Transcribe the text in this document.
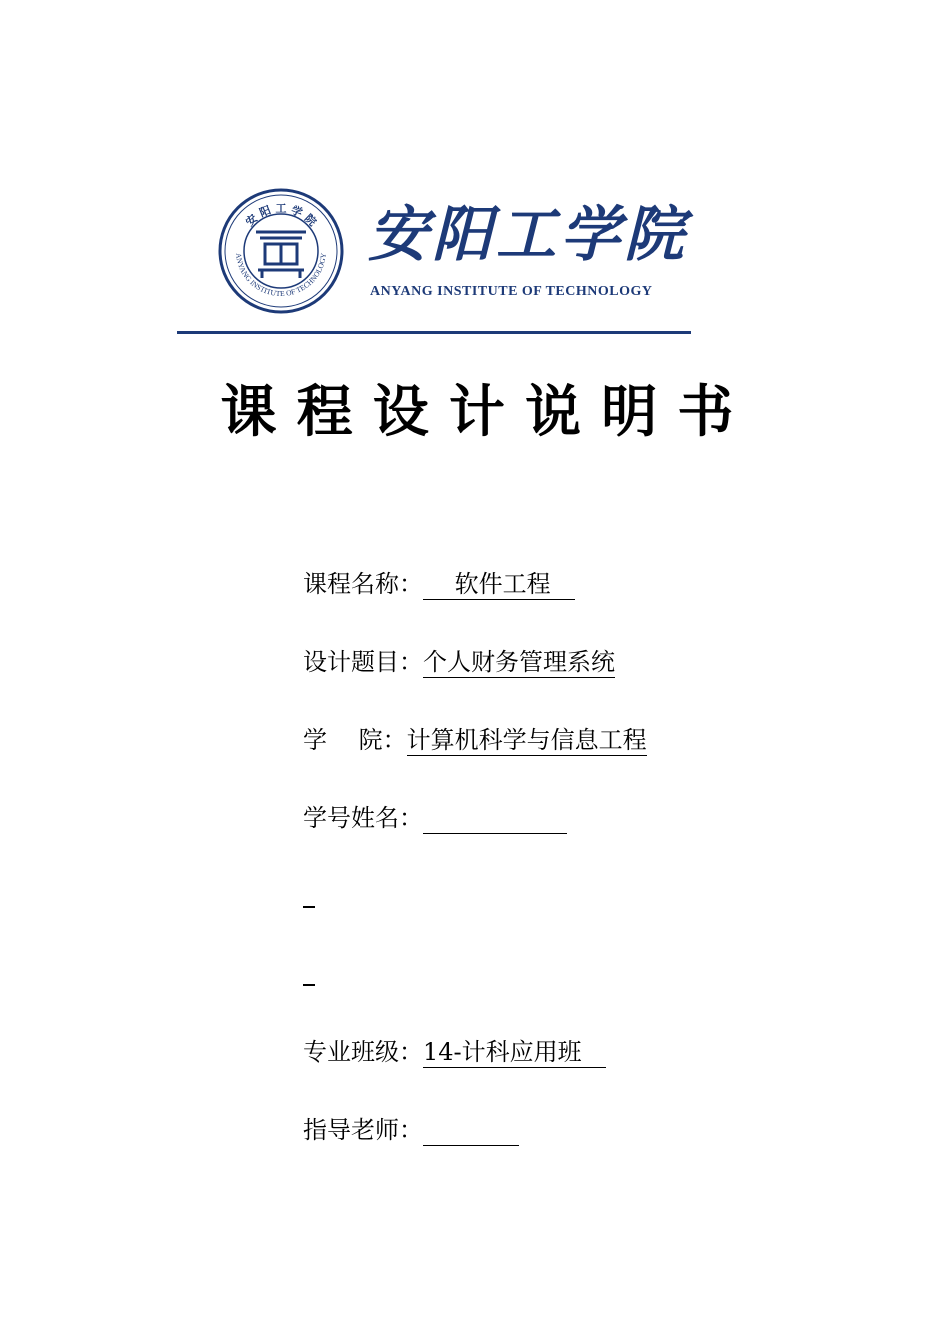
安 阳 工 学 院
ANYANG INSTITUTE OF TECHNOLOGY 安阳工学院
ANYANG INSTITUTE OF TECHNOLOGY
课程设计说明书
课程名称：　 软件工程　
设计题目：个人财务管理系统
学　 院：计算机科学与信息工程
学号姓名：　　　　　　
专业班级：14-计科应用班　
指导老师：　　　　
